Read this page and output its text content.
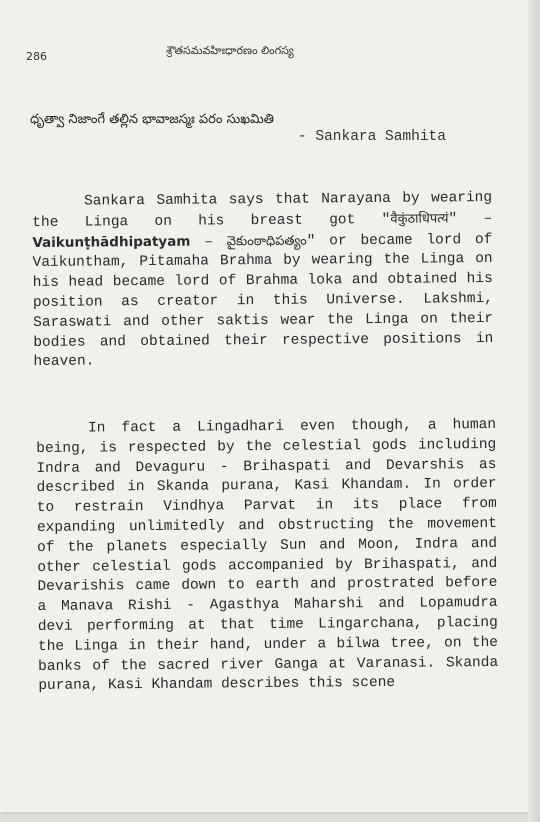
286	శ్రౌతసమవహిఃధారణం లింగస్య
ధృత్వా నిజాంగే తల్లిన భావాజస్మః పరం సుఖమితి
- Sankara Samhita

Sankara Samhita says that Narayana by wearing the Linga on his breast got "वैकुंठाधिपत्यं" – Vaikunṭhādhipatyam – వైకుంఠాధిపత్యం" or became lord of Vaikuntham, Pitamaha Brahma by wearing the Linga on his head became lord of Brahma loka and obtained his position as creator in this Universe. Lakshmi, Saraswati and other saktis wear the Linga on their bodies and obtained their respective positions in heaven.

In fact a Lingadhari even though, a human being, is respected by the celestial gods including Indra and Devaguru - Brihaspati and Devarshis as described in Skanda purana, Kasi Khandam. In order to restrain Vindhya Parvat in its place from expanding unlimitedly and obstructing the movement of the planets especially Sun and Moon, Indra and other celestial gods accompanied by Brihaspati, and Devarishis came down to earth and prostrated before a Manava Rishi - Agasthya Maharshi and Lopamudra devi performing at that time Lingarchana, placing the Linga in their hand, under a bilwa tree, on the banks of the sacred river Ganga at Varanasi. Skanda purana, Kasi Khandam describes this scene
